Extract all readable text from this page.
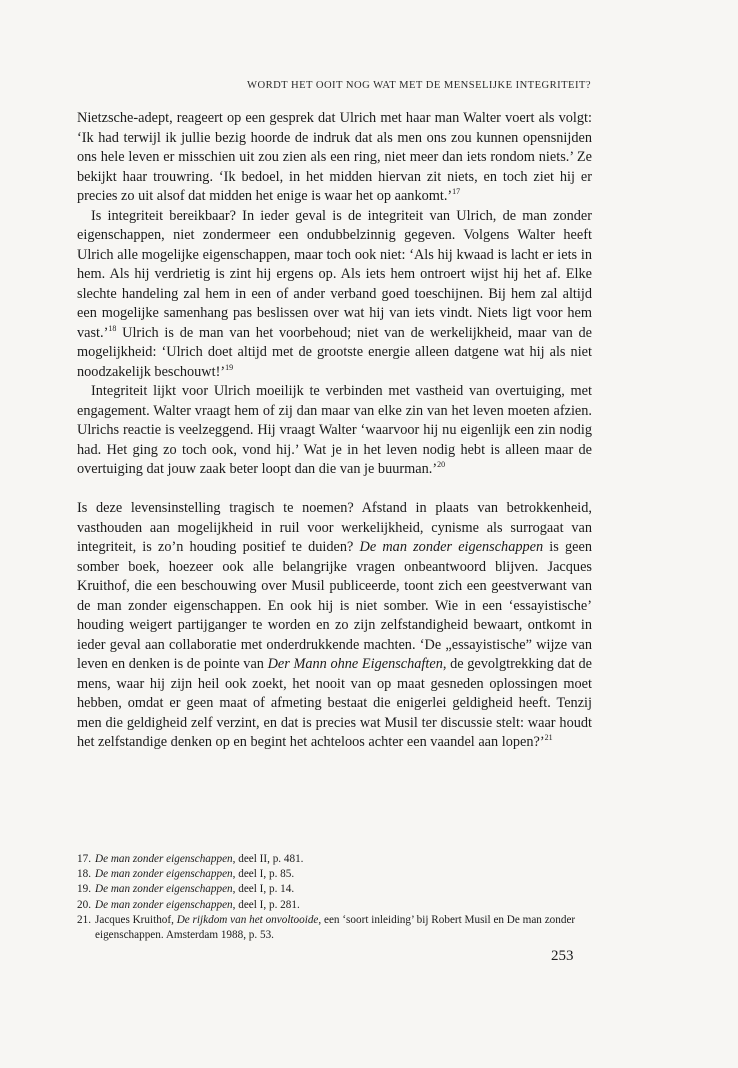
WORDT HET OOIT NOG WAT MET DE MENSELIJKE INTEGRITEIT?

Nietzsche-adept, reageert op een gesprek dat Ulrich met haar man Walter voert als volgt: ‘Ik had terwijl ik jullie bezig hoorde de indruk dat als men ons zou kunnen opensnijden ons hele leven er misschien uit zou zien als een ring, niet meer dan iets rondom niets.’ Ze bekijkt haar trouwring. ‘Ik bedoel, in het midden hiervan zit niets, en toch ziet hij er precies zo uit alsof dat midden het enige is waar het op aankomt.’$^{17}$

Is integriteit bereikbaar? In ieder geval is de integriteit van Ulrich, de man zonder eigenschappen, niet zondermeer een ondubbelzinnig gegeven. Volgens Walter heeft Ulrich alle mogelijke eigenschappen, maar toch ook niet: ‘Als hij kwaad is lacht er iets in hem. Als hij verdrietig is zint hij ergens op. Als iets hem ontroert wijst hij het af. Elke slechte handeling zal hem in een of ander verband goed toeschijnen. Bij hem zal altijd een mogelijke samenhang pas beslissen over wat hij van iets vindt. Niets ligt voor hem vast.’$^{18}$ Ulrich is de man van het voorbehoud; niet van de werkelijkheid, maar van de mogelijkheid: ‘Ulrich doet altijd met de grootste energie alleen datgene wat hij als niet noodzakelijk beschouwt!’$^{19}$

Integriteit lijkt voor Ulrich moeilijk te verbinden met vastheid van overtuiging, met engagement. Walter vraagt hem of zij dan maar van elke zin van het leven moeten afzien. Ulrichs reactie is veelzeggend. Hij vraagt Walter ‘waarvoor hij nu eigenlijk een zin nodig had. Het ging zo toch ook, vond hij.’ Wat je in het leven nodig hebt is alleen maar de overtuiging dat jouw zaak beter loopt dan die van je buurman.’$^{20}$

Is deze levensinstelling tragisch te noemen? Afstand in plaats van betrokkenheid, vasthouden aan mogelijkheid in ruil voor werkelijkheid, cynisme als surrogaat van integriteit, is zo’n houding positief te duiden? De man zonder eigenschappen is geen somber boek, hoezeer ook alle belangrijke vragen onbeantwoord blijven. Jacques Kruithof, die een beschouwing over Musil publiceerde, toont zich een geestverwant van de man zonder eigenschappen. En ook hij is niet somber. Wie in een ‘essayistische’ houding weigert partijganger te worden en zo zijn zelfstandigheid bewaart, ontkomt in ieder geval aan collaboratie met onderdrukkende machten. ‘De „essayistische” wijze van leven en denken is de pointe van Der Mann ohne Eigenschaften, de gevolgtrekking dat de mens, waar hij zijn heil ook zoekt, het nooit van op maat gesneden oplossingen moet hebben, omdat er geen maat of afmeting bestaat die enigerlei geldigheid heeft. Tenzij men die geldigheid zelf verzint, en dat is precies wat Musil ter discussie stelt: waar houdt het zelfstandige denken op en begint het achteloos achter een vaandel aan lopen?’$^{21}$

17. De man zonder eigenschappen, deel II, p. 481.
18. De man zonder eigenschappen, deel I, p. 85.
19. De man zonder eigenschappen, deel I, p. 14.
20. De man zonder eigenschappen, deel I, p. 281.
21. Jacques Kruithof, De rijkdom van het onvoltooide, een ‘soort inleiding’ bij Robert Musil en De man zonder eigenschappen. Amsterdam 1988, p. 53.
253
